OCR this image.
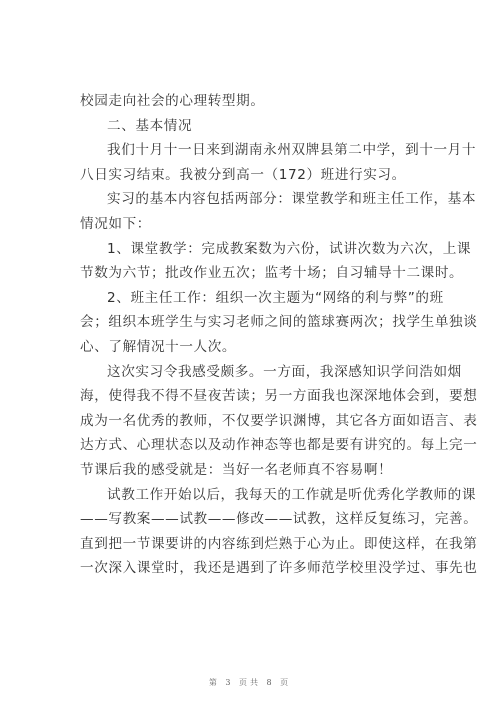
校园走向社会的心理转型期。
二、基本情况
我们十月十一日来到湖南永州双牌县第二中学，到十一月十
八日实习结束。我被分到高一（172）班进行实习。
实习的基本内容包括两部分：课堂教学和班主任工作，基本
情况如下：
1、课堂教学：完成教案数为六份，试讲次数为六次，上课
节数为六节；批改作业五次；监考十场；自习辅导十二课时。
2、班主任工作：组织一次主题为“网络的利与弊”的班
会；组织本班学生与实习老师之间的篮球赛两次；找学生单独谈
心、了解情况十一人次。
这次实习令我感受颇多。一方面，我深感知识学问浩如烟
海，使得我不得不昼夜苦读；另一方面我也深深地体会到，要想
成为一名优秀的教师，不仅要学识渊博，其它各方面如语言、表
达方式、心理状态以及动作神态等也都是要有讲究的。每上完一
节课后我的感受就是：当好一名老师真不容易啊！
试教工作开始以后，我每天的工作就是听优秀化学教师的课
——写教案——试教——修改——试教，这样反复练习，完善。
直到把一节课要讲的内容练到烂熟于心为止。即使这样，在我第
一次深入课堂时，我还是遇到了许多师范学校里没学过、事先也
第 3 页共 8 页
